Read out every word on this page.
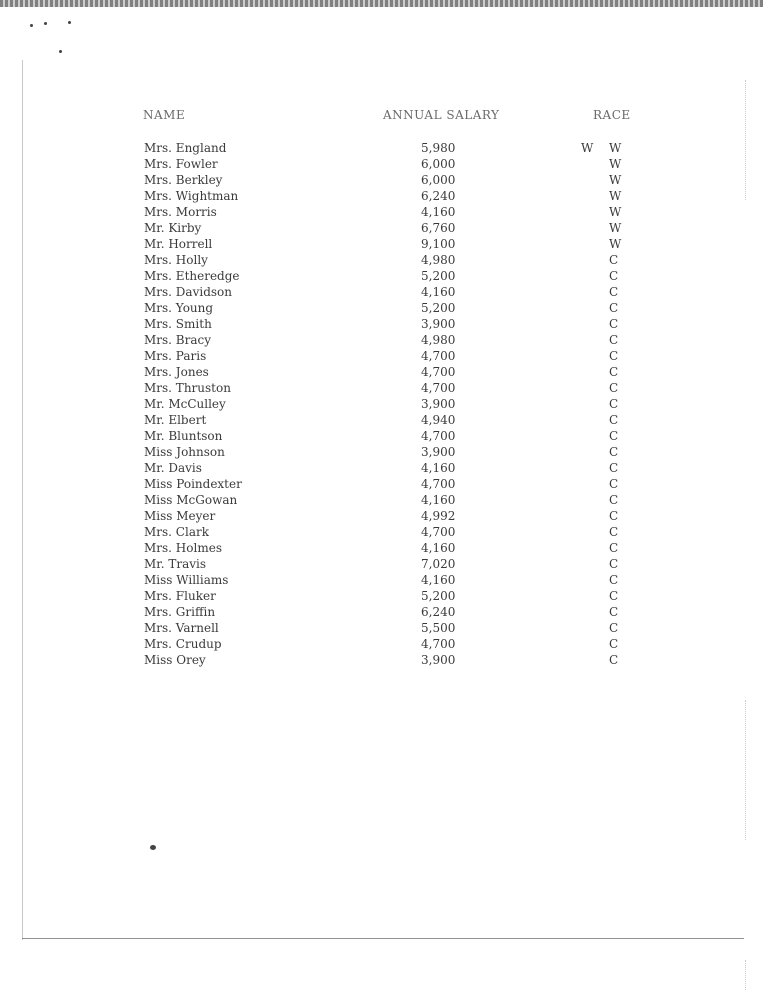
NAME	ANNUAL SALARY	RACE
Mrs. England	5,980	W W
Mrs. Fowler	6,000	W
Mrs. Berkley	6,000	W
Mrs. Wightman	6,240	W
Mrs. Morris	4,160	W
Mr. Kirby	6,760	W
Mr. Horrell	9,100	W
Mrs. Holly	4,980	C
Mrs. Etheredge	5,200	C
Mrs. Davidson	4,160	C
Mrs. Young	5,200	C
Mrs. Smith	3,900	C
Mrs. Bracy	4,980	C
Mrs. Paris	4,700	C
Mrs. Jones	4,700	C
Mrs. Thruston	4,700	C
Mr. McCulley	3,900	C
Mr. Elbert	4,940	C
Mr. Bluntson	4,700	C
Miss Johnson	3,900	C
Mr. Davis	4,160	C
Miss Poindexter	4,700	C
Miss McGowan	4,160	C
Miss Meyer	4,992	C
Mrs. Clark	4,700	C
Mrs. Holmes	4,160	C
Mr. Travis	7,020	C
Miss Williams	4,160	C
Mrs. Fluker	5,200	C
Mrs. Griffin	6,240	C
Mrs. Varnell	5,500	C
Mrs. Crudup	4,700	C
Miss Orey	3,900	C
